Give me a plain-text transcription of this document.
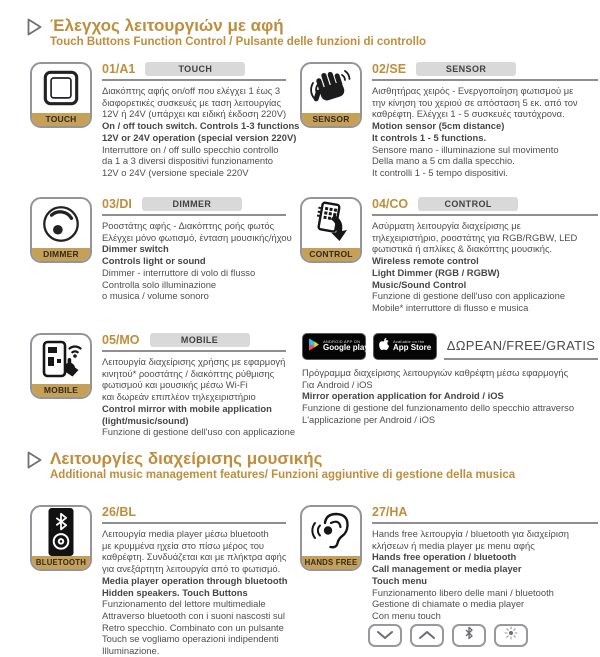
Έλεγχος λειτουργιών με αφή
Touch Buttons Function Control / Pulsante delle funzioni di controllo
TOUCH
01/A1	TOUCH
Διακόπτης αφής on/off που ελέγχει 1 έως 3
διαφορετικές συσκευές με ταση λειτουργίας
12V ή 24V (υπάρχει και ειδική έκδοση 220V)
On / off touch switch. Controls 1-3 functions
12V or 24V operation (special version 220V)
Interruttore on / off sullo specchio controllo
da 1 a 3 diversi dispositivi funzionamento
12V o 24V (versione speciale 220V
SENSOR
02/SE	SENSOR
Αισθητήρας χειρός - Ενεργοποίηση φωτισμού με
την κίνηση του χεριού σε απόσταση 5 εκ. από τον
καθρέφτη. Ελέγχει 1 - 5 συσκευές ταυτόχρονα.
Motion sensor (5cm distance)
It controls 1 - 5 functions.
Sensore mano - illuminazione sul movimento
Della mano a 5 cm dalla specchio.
It controlli 1 - 5 tempo dispositivi.
DIMMER
03/DI	DIMMER
Ροοστάτης αφής - Διακόπτης ροής φωτός
Ελέγχει μόνο φωτισμό, ένταση μουσικής/ήχου
Dimmer switch
Controls light or sound
Dimmer - interruttore di volo di flusso
Controlla solo illuminazione
o musica / volume sonoro
CONTROL
04/CO	CONTROL
Ασύρματη λειτουργία διαχείρισης με
τηλεχειριστήριο, ροοστάτης για RGB/RGBW, LED
φωτιστικά ή απλίκες & διακόπτης μουσικής.
Wireless remote control
Light Dimmer (RGB / RGBW)
Music/Sound Control
Funzione di gestione dell'uso con applicazione
Mobile* interruttore di flusso e musica
MOBILE
05/MO	MOBILE
Λειτουργία διαχείρισης χρήσης με εφαρμογή
κινητού* ροοστάτης / διακόπτης ρύθμισης
φωτισμού και μουσικής μέσω Wi-Fi
και δωρεάν επιπλέον τηλεχειριστήριο
Control mirror with mobile application
(light/music/sound)
Funzione di gestione dell'uso con applicazione
ANDROID APP ON
Google play
Available on the
App Store ΔΩΡΕΑΝ/FREE/GRATIS
Πρόγραμμα διαχείρισης λειτουργιών καθρέφτη μέσω εφαρμογής
Για Android / iOS
Mirror operation application for Android / iOS
Funzione di gestione del funzionamento dello specchio attraverso
L'applicazione per Android / iOS
Λειτουργίες διαχείρισης μουσικής
Additional music management features/ Funzioni aggiuntive di gestione della musica
BLUETOOTH
26/BL
Λειτουργία media player μέσω bluetooth
με κρυμμένα ηχεία στο πίσω μέρος του
καθρέφτη. Συνδυάζεται και με πλήκτρα αφής
για ανεξάρτητη λειτουργία από το φωτισμό.
Media player operation through bluetooth
Hidden speakers. Touch Buttons
Funzionamento del lettore multimediale
Attraverso bluetooth con i suoni nascosti sul
Retro specchio. Combinato con un pulsante
Touch se vogliamo operazioni indipendenti
Illuminazione.
HANDS FREE
27/HA
Hands free λειτουργία / bluetooth για διαχείριση
κλήσεων ή media player με menu αφής
Hands free operation / bluetooth
Call management or media player
Touch menu
Funzionamento libero delle mani / bluetooth
Gestione di chiamate o media player
Con menu touch
